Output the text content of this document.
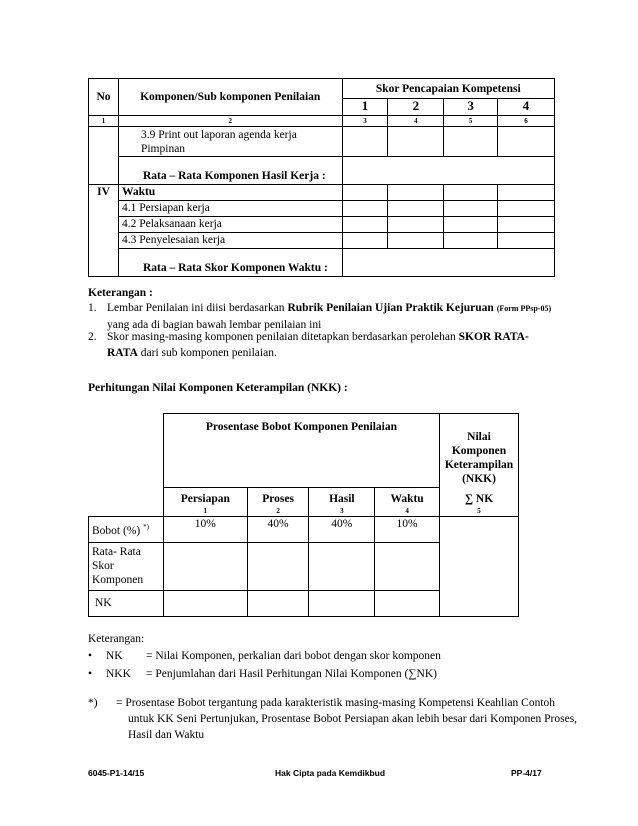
No	Komponen/Sub komponen Penilaian	Skor Pencapaian Kompetensi			
		1	2	3	4
1	2	3	4	5	6
	3.9 Print out laporan agenda kerja Pimpinan				
	Rata – Rata Komponen Hasil Kerja :				
IV	Waktu				
	4.1 Persiapan kerja				
	4.2 Pelaksanaan kerja				
	4.3 Penyelesaian kerja				
	Rata – Rata Skor Komponen Waktu :				
Keterangan :
1. Lembar Penilaian ini diisi berdasarkan Rubrik Penilaian Ujian Praktik Kejuruan (Form PPsp-05) yang ada di bagian bawah lembar penilaian ini
2. Skor masing-masing komponen penilaian ditetapkan berdasarkan perolehan SKOR RATA-RATA dari sub komponen penilaian.
Perhitungan Nilai Komponen Keterampilan (NKK) :
	Prosentase Bobot Komponen Penilaian				Nilai Komponen Keterampilan (NKK)
	Persiapan	Proses	Hasil	Waktu	∑ NK
	1	2	3	4	5
Bobot (%) *)	10%	40%	40%	10%	
Rata- Rata Skor Komponen					
NK					
Keterangan:
• NK = Nilai Komponen, perkalian dari bobot dengan skor komponen
• NKK = Penjumlahan dari Hasil Perhitungan Nilai Komponen (∑NK)
*)	= Prosentase Bobot tergantung pada karakteristik masing-masing Kompetensi Keahlian Contoh untuk KK Seni Pertunjukan, Prosentase Bobot Persiapan akan lebih besar dari Komponen Proses, Hasil dan Waktu
6045-P1-14/15	Hak Cipta pada Kemdikbud	PP-4/17
